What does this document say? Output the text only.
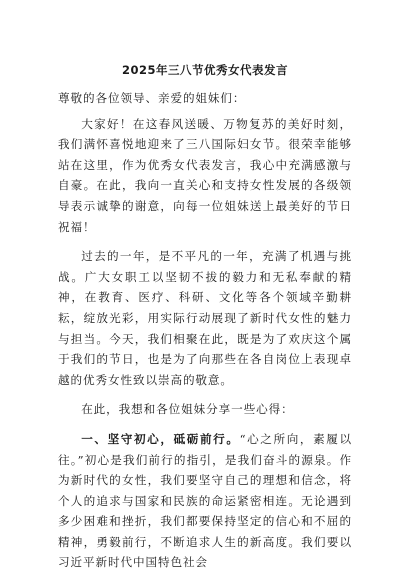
2025年三八节优秀女代表发言

尊敬的各位领导、亲爱的姐妹们：

大家好！在这春风送暖、万物复苏的美好时刻，我们满怀喜悦地迎来了三八国际妇女节。很荣幸能够站在这里，作为优秀女代表发言，我心中充满感激与自豪。在此，我向一直关心和支持女性发展的各级领导表示诚挚的谢意，向每一位姐妹送上最美好的节日祝福！

过去的一年，是不平凡的一年，充满了机遇与挑战。广大女职工以坚韧不拔的毅力和无私奉献的精神，在教育、医疗、科研、文化等各个领域辛勤耕耘，绽放光彩，用实际行动展现了新时代女性的魅力与担当。今天，我们相聚在此，既是为了欢庆这个属于我们的节日，也是为了向那些在各自岗位上表现卓越的优秀女性致以崇高的敬意。

在此，我想和各位姐妹分享一些心得：

一、坚守初心，砥砺前行。“心之所向，素履以往。”初心是我们前行的指引，是我们奋斗的源泉。作为新时代的女性，我们要坚守自己的理想和信念，将个人的追求与国家和民族的命运紧密相连。无论遇到多少困难和挫折，我们都要保持坚定的信心和不屈的精神，勇毅前行，不断追求人生的新高度。我们要以习近平新时代中国特色社会
